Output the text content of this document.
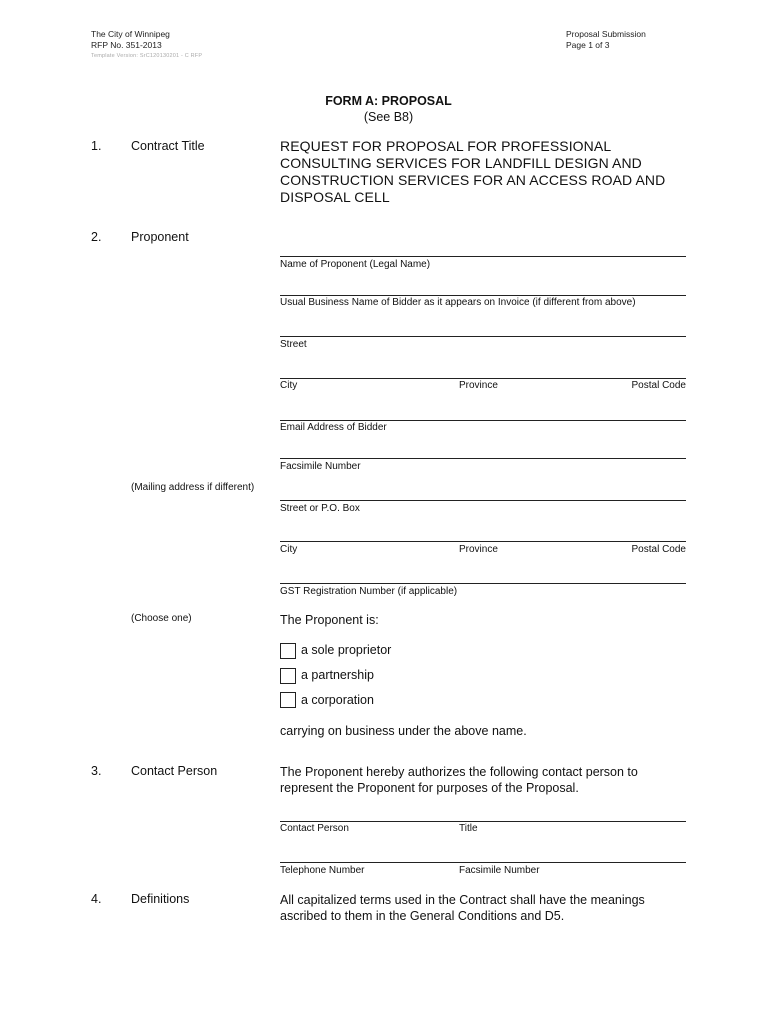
The City of Winnipeg
RFP No. 351-2013
Template Version: SrC120130201 - C RFP
Proposal Submission
Page 1 of 3
FORM A: PROPOSAL
(See B8)
1. Contract Title	REQUEST FOR PROPOSAL FOR PROFESSIONAL
CONSULTING SERVICES FOR LANDFILL DESIGN AND
CONSTRUCTION SERVICES FOR AN ACCESS ROAD AND
DISPOSAL CELL
2. Proponent
Name of Proponent (Legal Name)
Usual Business Name of Bidder as it appears on Invoice (if different from above)
Street
City	Province	Postal Code
Email Address of Bidder
Facsimile Number
(Mailing address if different)
Street or P.O. Box
City	Province	Postal Code
GST Registration Number (if applicable)
(Choose one)	The Proponent is:
a sole proprietor
a partnership
a corporation
carrying on business under the above name.
3. Contact Person	The Proponent hereby authorizes the following contact person to
represent the Proponent for purposes of the Proposal.
Contact Person	Title
Telephone Number	Facsimile Number
4. Definitions	All capitalized terms used in the Contract shall have the meanings
ascribed to them in the General Conditions and D5.
